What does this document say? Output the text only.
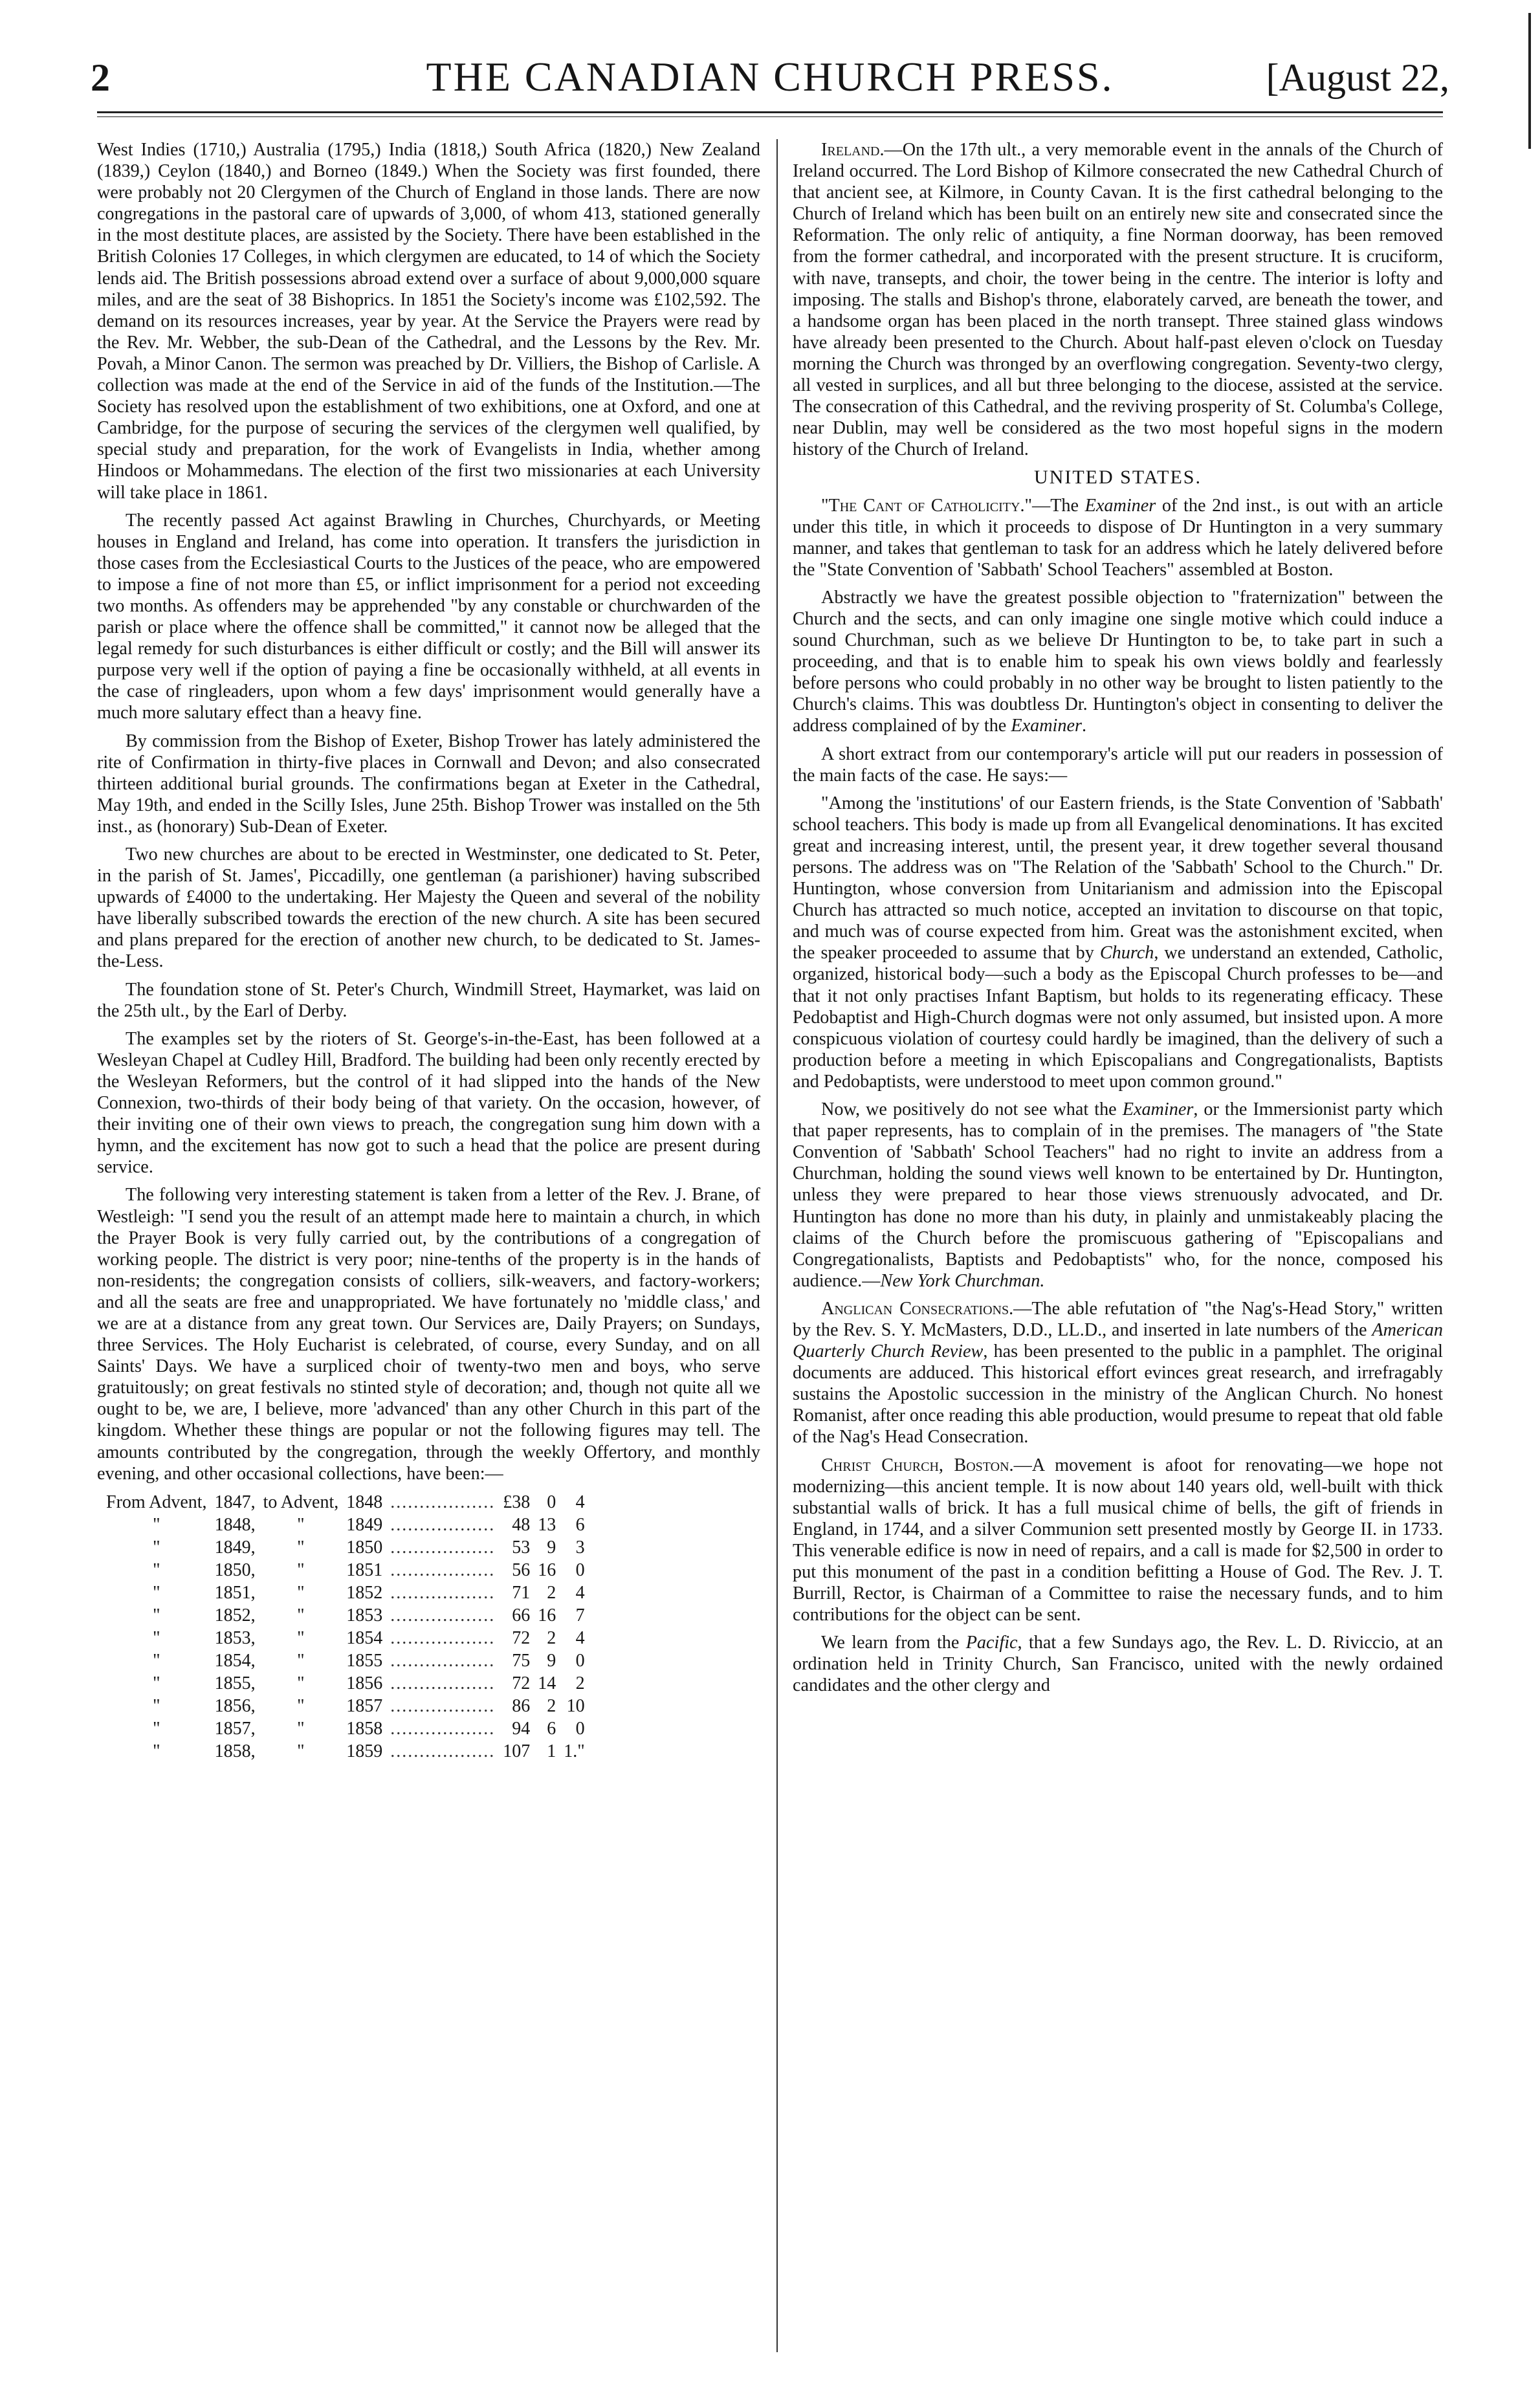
2	THE CANADIAN CHURCH PRESS.	[August 22,

West Indies (1710,) Australia (1795,) India (1818,) South Africa (1820,) New Zealand (1839,) Ceylon (1840,) and Borneo (1849.) When the Society was first founded, there were probably not 20 Clergymen of the Church of England in those lands. There are now congregations in the pastoral care of upwards of 3,000, of whom 413, stationed generally in the most destitute places, are assisted by the Society. There have been established in the British Colonies 17 Colleges, in which clergymen are educated, to 14 of which the Society lends aid. The British possessions abroad extend over a surface of about 9,000,000 square miles, and are the seat of 38 Bishoprics. In 1851 the Society's income was £102,592. The demand on its resources increases, year by year. At the Service the Prayers were read by the Rev. Mr. Webber, the sub-Dean of the Cathedral, and the Lessons by the Rev. Mr. Povah, a Minor Canon. The sermon was preached by Dr. Villiers, the Bishop of Carlisle. A collection was made at the end of the Service in aid of the funds of the Institution.—The Society has resolved upon the establishment of two exhibitions, one at Oxford, and one at Cambridge, for the purpose of securing the services of the clergymen well qualified, by special study and preparation, for the work of Evangelists in India, whether among Hindoos or Mohammedans. The election of the first two missionaries at each University will take place in 1861.

The recently passed Act against Brawling in Churches, Churchyards, or Meeting houses in England and Ireland, has come into operation. It transfers the jurisdiction in those cases from the Ecclesiastical Courts to the Justices of the peace, who are empowered to impose a fine of not more than £5, or inflict imprisonment for a period not exceeding two months. As offenders may be apprehended "by any constable or churchwarden of the parish or place where the offence shall be committed," it cannot now be alleged that the legal remedy for such disturbances is either difficult or costly; and the Bill will answer its purpose very well if the option of paying a fine be occasionally withheld, at all events in the case of ringleaders, upon whom a few days' imprisonment would generally have a much more salutary effect than a heavy fine.

By commission from the Bishop of Exeter, Bishop Trower has lately administered the rite of Confirmation in thirty-five places in Cornwall and Devon; and also consecrated thirteen additional burial grounds. The confirmations began at Exeter in the Cathedral, May 19th, and ended in the Scilly Isles, June 25th. Bishop Trower was installed on the 5th inst., as (honorary) Sub-Dean of Exeter.

Two new churches are about to be erected in Westminster, one dedicated to St. Peter, in the parish of St. James', Piccadilly, one gentleman (a parishioner) having subscribed upwards of £4000 to the undertaking. Her Majesty the Queen and several of the nobility have liberally subscribed towards the erection of the new church. A site has been secured and plans prepared for the erection of another new church, to be dedicated to St. James-the-Less.

The foundation stone of St. Peter's Church, Windmill Street, Haymarket, was laid on the 25th ult., by the Earl of Derby.

The examples set by the rioters of St. George's-in-the-East, has been followed at a Wesleyan Chapel at Cudley Hill, Bradford. The building had been only recently erected by the Wesleyan Reformers, but the control of it had slipped into the hands of the New Connexion, two-thirds of their body being of that variety. On the occasion, however, of their inviting one of their own views to preach, the congregation sung him down with a hymn, and the excitement has now got to such a head that the police are present during service.

The following very interesting statement is taken from a letter of the Rev. J. Brane, of Westleigh: "I send you the result of an attempt made here to maintain a church, in which the Prayer Book is very fully carried out, by the contributions of a congregation of working people. The district is very poor; nine-tenths of the property is in the hands of non-residents; the congregation consists of colliers, silk-weavers, and factory-workers; and all the seats are free and unappropriated. We have fortunately no 'middle class,' and we are at a distance from any great town. Our Services are, Daily Prayers; on Sundays, three Services. The Holy Eucharist is celebrated, of course, every Sunday, and on all Saints' Days. We have a surpliced choir of twenty-two men and boys, who serve gratuitously; on great festivals no stinted style of decoration; and, though not quite all we ought to be, we are, I believe, more 'advanced' than any other Church in this part of the kingdom. Whether these things are popular or not the following figures may tell. The amounts contributed by the congregation, through the weekly Offertory, and monthly evening, and other occasional collections, have been:—

From Advent,	1847,	to Advent,	1848	..................	£38	0	4
"	1848,	"	1849	..................	48	13	6
"	1849,	"	1850	..................	53	9	3
"	1850,	"	1851	..................	56	16	0
"	1851,	"	1852	..................	71	2	4
"	1852,	"	1853	..................	66	16	7
"	1853,	"	1854	..................	72	2	4
"	1854,	"	1855	..................	75	9	0
"	1855,	"	1856	..................	72	14	2
"	1856,	"	1857	..................	86	2	10
"	1857,	"	1858	..................	94	6	0
"	1858,	"	1859	..................	107	1	1."

Ireland.—On the 17th ult., a very memorable event in the annals of the Church of Ireland occurred. The Lord Bishop of Kilmore consecrated the new Cathedral Church of that ancient see, at Kilmore, in County Cavan. It is the first cathedral belonging to the Church of Ireland which has been built on an entirely new site and consecrated since the Reformation. The only relic of antiquity, a fine Norman doorway, has been removed from the former cathedral, and incorporated with the present structure. It is cruciform, with nave, transepts, and choir, the tower being in the centre. The interior is lofty and imposing. The stalls and Bishop's throne, elaborately carved, are beneath the tower, and a handsome organ has been placed in the north transept. Three stained glass windows have already been presented to the Church. About half-past eleven o'clock on Tuesday morning the Church was thronged by an overflowing congregation. Seventy-two clergy, all vested in surplices, and all but three belonging to the diocese, assisted at the service. The consecration of this Cathedral, and the reviving prosperity of St. Columba's College, near Dublin, may well be considered as the two most hopeful signs in the modern history of the Church of Ireland.

UNITED STATES.

"The Cant of Catholicity."—The Examiner of the 2nd inst., is out with an article under this title, in which it proceeds to dispose of Dr Huntington in a very summary manner, and takes that gentleman to task for an address which he lately delivered before the "State Convention of 'Sabbath' School Teachers" assembled at Boston.

Abstractly we have the greatest possible objection to "fraternization" between the Church and the sects, and can only imagine one single motive which could induce a sound Churchman, such as we believe Dr Huntington to be, to take part in such a proceeding, and that is to enable him to speak his own views boldly and fearlessly before persons who could probably in no other way be brought to listen patiently to the Church's claims. This was doubtless Dr. Huntington's object in consenting to deliver the address complained of by the Examiner.

A short extract from our contemporary's article will put our readers in possession of the main facts of the case. He says:—

"Among the 'institutions' of our Eastern friends, is the State Convention of 'Sabbath' school teachers. This body is made up from all Evangelical denominations. It has excited great and increasing interest, until, the present year, it drew together several thousand persons. The address was on "The Relation of the 'Sabbath' School to the Church." Dr. Huntington, whose conversion from Unitarianism and admission into the Episcopal Church has attracted so much notice, accepted an invitation to discourse on that topic, and much was of course expected from him. Great was the astonishment excited, when the speaker proceeded to assume that by Church, we understand an extended, Catholic, organized, historical body—such a body as the Episcopal Church professes to be—and that it not only practises Infant Baptism, but holds to its regenerating efficacy. These Pedobaptist and High-Church dogmas were not only assumed, but insisted upon. A more conspicuous violation of courtesy could hardly be imagined, than the delivery of such a production before a meeting in which Episcopalians and Congregationalists, Baptists and Pedobaptists, were understood to meet upon common ground."

Now, we positively do not see what the Examiner, or the Immersionist party which that paper represents, has to complain of in the premises. The managers of "the State Convention of 'Sabbath' School Teachers" had no right to invite an address from a Churchman, holding the sound views well known to be entertained by Dr. Huntington, unless they were prepared to hear those views strenuously advocated, and Dr. Huntington has done no more than his duty, in plainly and unmistakeably placing the claims of the Church before the promiscuous gathering of "Episcopalians and Congregationalists, Baptists and Pedobaptists" who, for the nonce, composed his audience.—New York Churchman.

Anglican Consecrations.—The able refutation of "the Nag's-Head Story," written by the Rev. S. Y. McMasters, D.D., LL.D., and inserted in late numbers of the American Quarterly Church Review, has been presented to the public in a pamphlet. The original documents are adduced. This historical effort evinces great research, and irrefragably sustains the Apostolic succession in the ministry of the Anglican Church. No honest Romanist, after once reading this able production, would presume to repeat that old fable of the Nag's Head Consecration.

Christ Church, Boston.—A movement is afoot for renovating—we hope not modernizing—this ancient temple. It is now about 140 years old, well-built with thick substantial walls of brick. It has a full musical chime of bells, the gift of friends in England, in 1744, and a silver Communion sett presented mostly by George II. in 1733. This venerable edifice is now in need of repairs, and a call is made for $2,500 in order to put this monument of the past in a condition befitting a House of God. The Rev. J. T. Burrill, Rector, is Chairman of a Committee to raise the necessary funds, and to him contributions for the object can be sent.

We learn from the Pacific, that a few Sundays ago, the Rev. L. D. Riviccio, at an ordination held in Trinity Church, San Francisco, united with the newly ordained candidates and the other clergy and
